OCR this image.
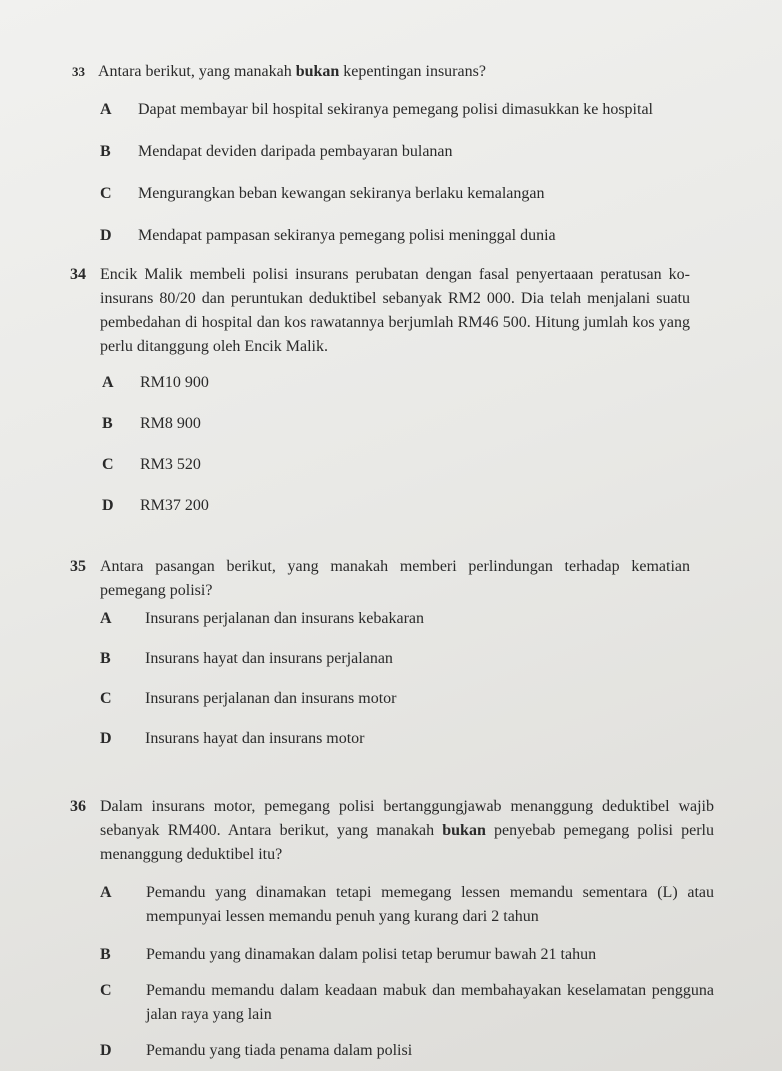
33 Antara berikut, yang manakah bukan kepentingan insurans?
A Dapat membayar bil hospital sekiranya pemegang polisi dimasukkan ke hospital
B Mendapat deviden daripada pembayaran bulanan
C Mengurangkan beban kewangan sekiranya berlaku kemalangan
D Mendapat pampasan sekiranya pemegang polisi meninggal dunia
34 Encik Malik membeli polisi insurans perubatan dengan fasal penyertaaan peratusan ko-insurans 80/20 dan peruntukan deduktibel sebanyak RM2 000. Dia telah menjalani suatu pembedahan di hospital dan kos rawatannya berjumlah RM46 500. Hitung jumlah kos yang perlu ditanggung oleh Encik Malik.
A RM10 900
B RM8 900
C RM3 520
D RM37 200
35 Antara pasangan berikut, yang manakah memberi perlindungan terhadap kematian pemegang polisi?
A Insurans perjalanan dan insurans kebakaran
B Insurans hayat dan insurans perjalanan
C Insurans perjalanan dan insurans motor
D Insurans hayat dan insurans motor
36 Dalam insurans motor, pemegang polisi bertanggungjawab menanggung deduktibel wajib sebanyak RM400. Antara berikut, yang manakah bukan penyebab pemegang polisi perlu menanggung deduktibel itu?
A Pemandu yang dinamakan tetapi memegang lessen memandu sementara (L) atau mempunyai lessen memandu penuh yang kurang dari 2 tahun
B Pemandu yang dinamakan dalam polisi tetap berumur bawah 21 tahun
C Pemandu memandu dalam keadaan mabuk dan membahayakan keselamatan pengguna jalan raya yang lain
D Pemandu yang tiada penama dalam polisi
